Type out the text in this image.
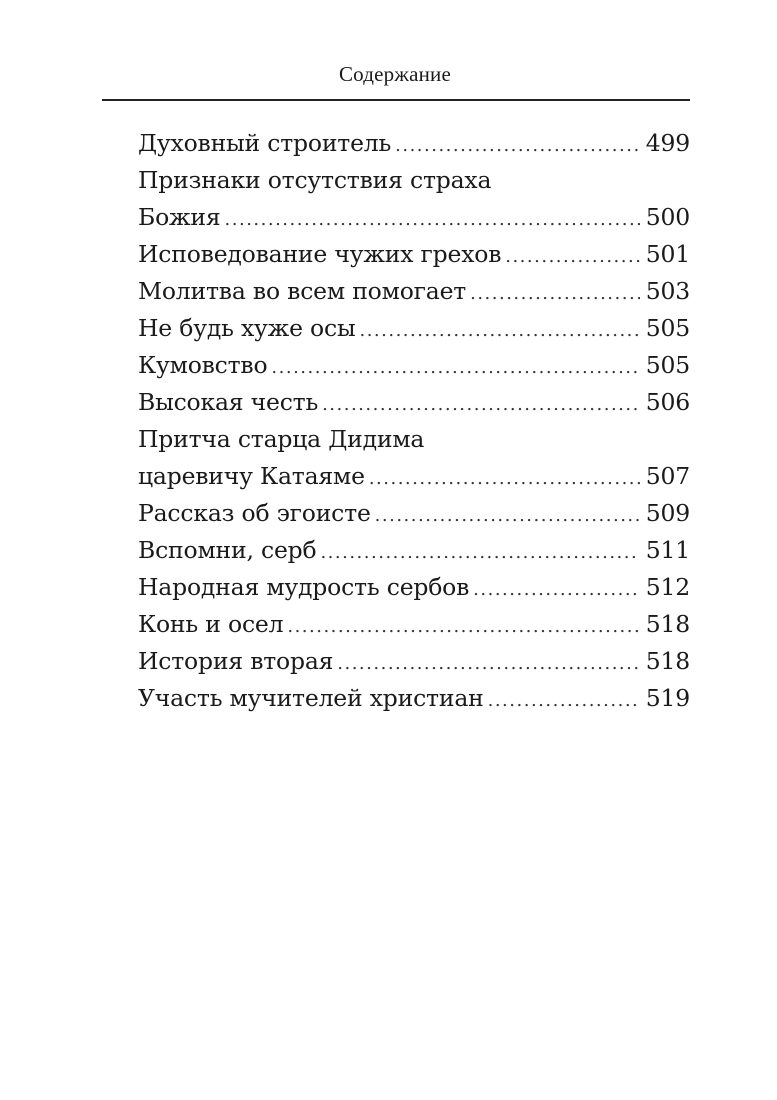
Содержание
Духовный строитель .....	499
Признаки отсутствия страха
Божия .....	500
Исповедование чужих грехов .....	501
Молитва во всем помогает .....	503
Не будь хуже осы .....	505
Кумовство .....	505
Высокая честь .....	506
Притча старца Дидима
царевичу Катаяме .....	507
Рассказ об эгоисте .....	509
Вспомни, серб .....	511
Народная мудрость сербов .....	512
Конь и осел .....	518
История вторая .....	518
Участь мучителей христиан .....	519
